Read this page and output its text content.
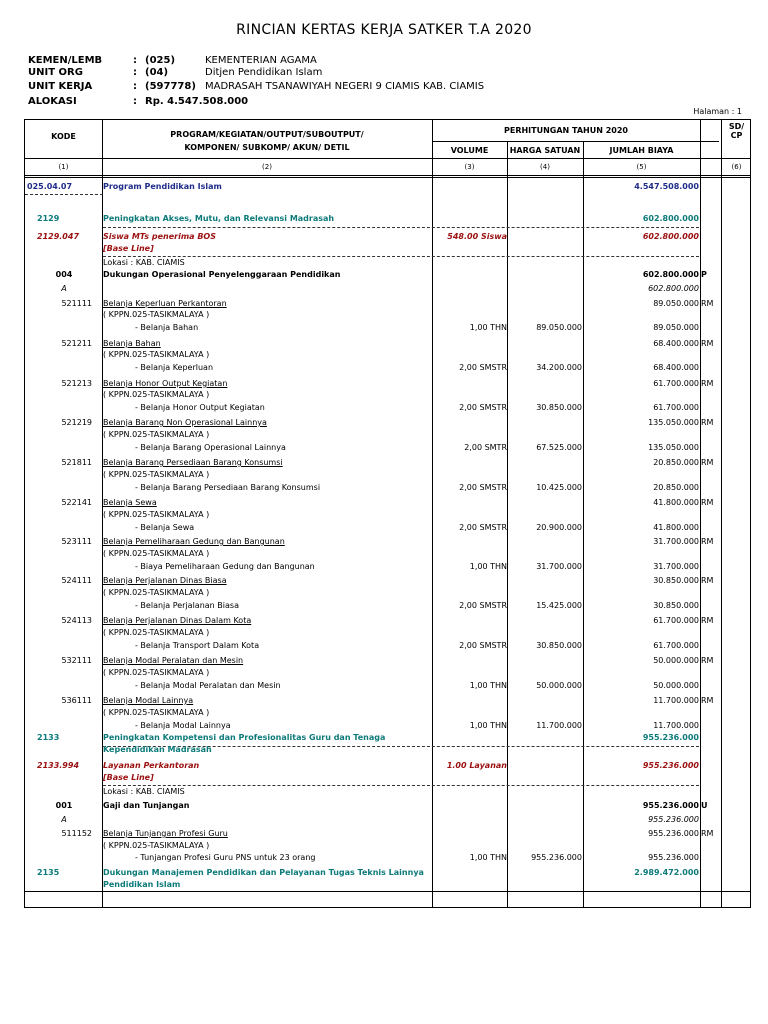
RINCIAN KERTAS KERJA SATKER T.A 2020
KEMEN/LEMB	: (025)	KEMENTERIAN AGAMA
UNIT ORG	: (04)	Ditjen Pendidikan Islam
UNIT KERJA	: (597778) MADRASAH TSANAWIYAH NEGERI 9 CIAMIS KAB. CIAMIS
ALOKASI	: Rp. 4.547.508.000
Halaman : 1
KODE	PROGRAM/KEGIATAN/OUTPUT/SUBOUTPUT/
KOMPONEN/ SUBKOMP/ AKUN/ DETIL
PERHITUNGAN TAHUN 2020
VOLUME	HARGA SATUAN	JUMLAH BIAYA
SD/
CP
(1)	(2)	(3)	(4)	(5)	(6)
025.04.07	Program Pendidikan Islam	4.547.508.000
2129	Peningkatan Akses, Mutu, dan Relevansi Madrasah	602.800.000
2129.047	Siswa MTs penerima BOS	548.00 Siswa	602.800.000
[Base Line]
Lokasi : KAB. CIAMIS
004	Dukungan Operasional Penyelenggaraan Pendidikan	602.800.000 P
A	602.800.000
521111 Belanja Keperluan Perkantoran	89.050.000 RM
( KPPN.025-TASIKMALAYA )
- Belanja Bahan	1,00 THN	89.050.000	89.050.000
521211 Belanja Bahan	68.400.000 RM
( KPPN.025-TASIKMALAYA )
- Belanja Keperluan	2,00 SMSTR	34.200.000	68.400.000
521213 Belanja Honor Output Kegiatan	61.700.000 RM
( KPPN.025-TASIKMALAYA )
- Belanja Honor Output Kegiatan	2,00 SMSTR	30.850.000	61.700.000
521219 Belanja Barang Non Operasional Lainnya	135.050.000 RM
( KPPN.025-TASIKMALAYA )
- Belanja Barang Operasional Lainnya	2,00 SMTR	67.525.000	135.050.000
521811 Belanja Barang Persediaan Barang Konsumsi	20.850.000 RM
( KPPN.025-TASIKMALAYA )
- Belanja Barang Persediaan Barang Konsumsi	2,00 SMSTR	10.425.000	20.850.000
522141 Belanja Sewa	41.800.000 RM
( KPPN.025-TASIKMALAYA )
- Belanja Sewa	2,00 SMSTR	20.900.000	41.800.000
523111 Belanja Pemeliharaan Gedung dan Bangunan	31.700.000 RM
( KPPN.025-TASIKMALAYA )
- Biaya Pemeliharaan Gedung dan Bangunan	1,00 THN	31.700.000	31.700.000
524111 Belanja Perjalanan Dinas Biasa	30.850.000 RM
( KPPN.025-TASIKMALAYA )
- Belanja Perjalanan Biasa	2,00 SMSTR	15.425.000	30.850.000
524113 Belanja Perjalanan Dinas Dalam Kota	61.700.000 RM
( KPPN.025-TASIKMALAYA )
- Belanja Transport Dalam Kota	2,00 SMSTR	30.850.000	61.700.000
532111 Belanja Modal Peralatan dan Mesin	50.000.000 RM
( KPPN.025-TASIKMALAYA )
- Belanja Modal Peralatan dan Mesin	1,00 THN	50.000.000	50.000.000
536111 Belanja Modal Lainnya	11.700.000 RM
( KPPN.025-TASIKMALAYA )
- Belanja Modal Lainnya	1,00 THN	11.700.000	11.700.000
2133	Peningkatan Kompetensi dan Profesionalitas Guru dan Tenaga	955.236.000
Kependidikan Madrasah
2133.994	Layanan Perkantoran	1.00 Layanan	955.236.000
[Base Line]
Lokasi : KAB. CIAMIS
001	Gaji dan Tunjangan	955.236.000 U
A	955.236.000
511152 Belanja Tunjangan Profesi Guru	955.236.000 RM
( KPPN.025-TASIKMALAYA )
- Tunjangan Profesi Guru PNS untuk 23 orang	1,00 THN	955.236.000	955.236.000
2135	Dukungan Manajemen Pendidikan dan Pelayanan Tugas Teknis Lainnya	2.989.472.000
Pendidikan Islam
